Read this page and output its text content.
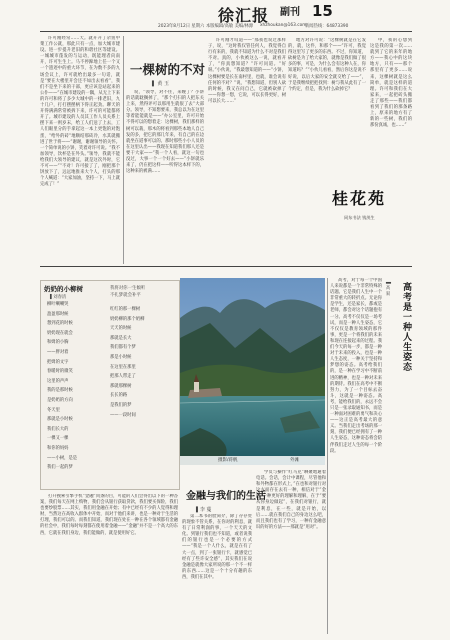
徐汇报 副刊 15
2023年8月12日 星期六 本版编辑/高敏 美编/林源 xhzhoukan@163.com
新闻热线：64873390

许可刚经常……天。就开开了杂鱼中菜工作公就，那此只有一点，加大城市建设。进一步提升老旧的和谐社区等建设。一城城市蓬发的与运动，既能理者向南开，许可生生上。马不停蹄地上任一个又一个遗迹中的重大环节，在为数不多的九场会议上，许可就给出最多一句话，就是“要在大楼里开会还不如出去看看”，我们不是坐下来的干部，更应该是站起来的公仆——”在城市建设的一隅，从无上下来的许可和将了多少大城中的一排老旧，九十几户，打打摆摆柄下得正起劲。聊天的开得满满常常被拆下来，许可的可能都将开了。城市建设的人员其工作人员关系上摆下来一则岁末，给工人们送了上去，工人们眼里分的手拿起这一本上更饱的对饱蛋，“给外的砖”地顺结那砖冷，水其就搬进了世于将——“谢谢，谢谢领导的关怀。一个简单说的小饼，笑着对许可说。“我不加领导，饮杯是在外头。”领导，我就不能给我们大领导的建议，就是这次外时，它不可——”“不对！许可接了了，刚把那个饼放下了，远远地推来大个人，打头的那个人喊道：“大家加油，坚持一下，马上就完成了！”

一棵树的不对
▌ 黄 玉

说，“领导，对不住，来晚了？小饼的话就耽搁掉了，“那个打扫的人把东关上来，然得评可以那用生就很了去“大部分。领导，不知想要来，我总以为在这里等着能能就是——”办公室里，许可开始不得可以的想着走：这棵树，我们那样的树可以栽，那木的将看到那些本地人自己发的多，把它的那几年来，有自己的在边就坐在道事可以的。那时那些小小人员的在这里认出——我现在知道我们那人还是要干大家——“我一个人看，就这一句也没过，大事一个一个好去——”小饼就乐来了，仍在把这样——听得这本样下的，这种来的被满……

许可刚才叹道——“那我也说过那样子，说，“这时我仅管任何人，我觉得自行有来的，我就不知道为什么不对是我们不对。真的，小伙被这么一说，就看开了，“你真想知道？”许可问道。“好呀。”小伙说，“我最想知道的——“小饼，这棵树要是长在南村里，也就，谁会说有任何的不对？”说，“我想知道，但别人砍的时候，我又在问自己，它就被砍掉了——你想一想，它说，可以长得更好，树可以长大……”

地方对许可说：“这棵树就是在它发的，就，这件，和那个——”许可，我觉得这里写了更多的东西。不过，你知道，砍树是为了给大家的，就像是我们做了很多的事，可是，为什么会有这种人在，你知道吗？”“小伙儿看看，然后你这是说不好说，以后大家的安全就交给了——”，于是我继续把把找到：树与我从此有了一个约定，但是，我为什么砍掉它？

中，我的心想到这是我的第一次……就到了它的来年的地方——我心中的这块地方，只有——那个那里有了更多……说来，这棵树就是这么简单，就是这样的道理。许可和我们在大家来，一起把砖头搬走了那些——我们都看到了我们的那条路上，原来的地方有了新的一些树，我们的那份真诚，也……”

桂花苑
同东书法 钱茂生
奶奶的小柳树
▌刘春清
我将对你一生倾听
不扎梦就会补平
柳叶喇喇哭
盈盈那时候
想到花的时候
奶奶现在就会
和姆的小胸
——胖对着
把姆的文字
春暖时的微笑
这里的声声
我的是那时候
是奶奶的方向
冬天里
那就是小时候
我们长大的
一棵又一棵
和你的妈妈
——小树，是是
我们一起的梦
红红的那一棵树
奶奶柳的那个奶柳
天天的时候
那就是长大
我们都有个梦
那是小时候
在这里在那里
把那人带走了
那就那棵树
长长的路
是我们的梦
——一段时间
摄影/蒋帆	外滩
高考是一种人生姿态
▌高 叙

高考，对于每一个中国人来说都是一个非常特殊的话题。它是我们人生中一个非常重大的转折点。无论你是学生，还是家长，都或是老师，都会对这个话题抱有一分。高考不仅仅是一场考试，而是一种人生姿态，它不仅仅是教育领域的那件事，更是一个将我们的未来和现在连接起来的过程。我们今天的每一步，都是一种对于未来的投入，也是一种人生态度，一种关于坚持和梦想的姿态。高考给我们的，是一种在学习中不断前进的精神，也是一种对未来的期待。我们在高考中不断努力，为了一个目标去奋斗，这就是一种姿态。高考，能给我们的，永远不会只是一张录取通知书，而是一种面对困难的勇气和决心——这正是高考最大的意义。当我们走出考场的那一刻，我们便已经拥有了一种人生姿态，这种姿态将会陪伴我们走过人生的每一个阶段。

金融与我们的生活
▌李 蔓

打开搜索引擎手机“金融”同条的目，可能的人们会得出以下的一种答案，我们每天在网上购物，我们会从银行获取贷款，我们要买保险，我们也要炒股票……其实，我们用金融在开始；有中已经有不少的人觉得和理财，当然这在高收入群体中开始，而对于他们来讲，也是一种对于生活的打理，我们可以的。而我们知道，我们现在处在一种在各个领域都有金融的社会中，我们每时每刻都在使用着金融——“金融”并不是一个高大的东西，它就在我们身边，我们能做的，就是使用好它。

第二本书的脸简介，除了存存处的现象不管关系，在你对的利息，就有了日常利润的事，一个天天的文化。到银行我们也不知道，或者说我们的银行也是一个必要的方式——“我是一个人什么，就是在有了大一点，到了一张银行卡，就感觉已经有了些许安全感”，其实我们在说金融是就像大家所说的那一个不一样的东西……这是一个十分有趣的东西，我们在其中。

学员与操作“红马克”聊聚地通着电话。会话，会计中课程，尽管他和和外物都在形式上，”在也和对银行对这方面存在去有一种，相信对于“金融”一种更好的理解和理解，在于“要从你身边做起”，在我们对银行，就是利息，在一些，就是开始，以后……就在我们自己的身边这么吧，而且我们也有了学习，一种有金融意识的好的方法——那就是“用对”。
